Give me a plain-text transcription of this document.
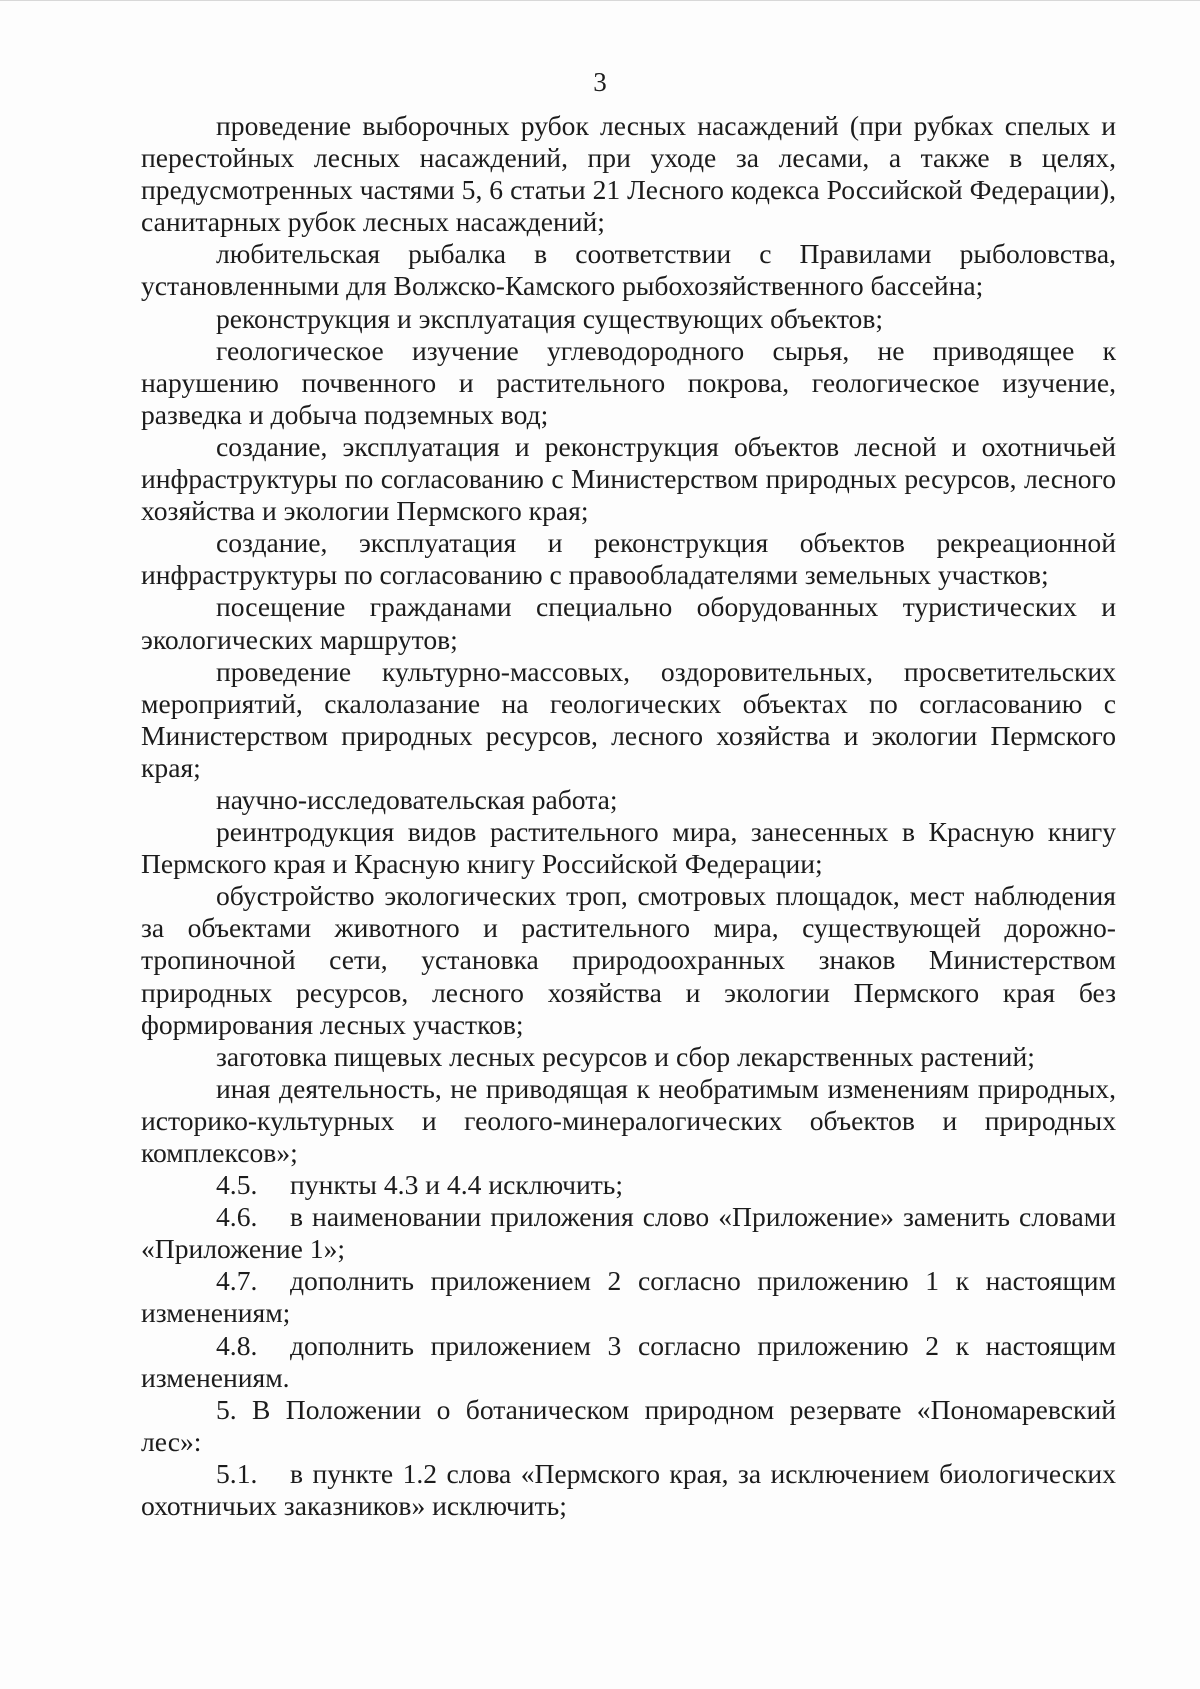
3

проведение выборочных рубок лесных насаждений (при рубках спелых и перестойных лесных насаждений, при уходе за лесами, а также в целях, предусмотренных частями 5, 6 статьи 21 Лесного кодекса Российской Федерации), санитарных рубок лесных насаждений;

любительская рыбалка в соответствии с Правилами рыболовства, установленными для Волжско-Камского рыбохозяйственного бассейна;

реконструкция и эксплуатация существующих объектов;

геологическое изучение углеводородного сырья, не приводящее к нарушению почвенного и растительного покрова, геологическое изучение, разведка и добыча подземных вод;

создание, эксплуатация и реконструкция объектов лесной и охотничьей инфраструктуры по согласованию с Министерством природных ресурсов, лесного хозяйства и экологии Пермского края;

создание, эксплуатация и реконструкция объектов рекреационной инфраструктуры по согласованию с правообладателями земельных участков;

посещение гражданами специально оборудованных туристических и экологических маршрутов;

проведение культурно-массовых, оздоровительных, просветительских мероприятий, скалолазание на геологических объектах по согласованию с Министерством природных ресурсов, лесного хозяйства и экологии Пермского края;

научно-исследовательская работа;

реинтродукция видов растительного мира, занесенных в Красную книгу Пермского края и Красную книгу Российской Федерации;

обустройство экологических троп, смотровых площадок, мест наблюдения за объектами животного и растительного мира, существующей дорожно-тропиночной сети, установка природоохранных знаков Министерством природных ресурсов, лесного хозяйства и экологии Пермского края без формирования лесных участков;

заготовка пищевых лесных ресурсов и сбор лекарственных растений;

иная деятельность, не приводящая к необратимым изменениям природных, историко-культурных и геолого-минералогических объектов и природных комплексов»;

4.5. пункты 4.3 и 4.4 исключить;

4.6. в наименовании приложения слово «Приложение» заменить словами «Приложение 1»;

4.7. дополнить приложением 2 согласно приложению 1 к настоящим изменениям;

4.8. дополнить приложением 3 согласно приложению 2 к настоящим изменениям.

5. В Положении о ботаническом природном резервате «Пономаревский лес»:

5.1. в пункте 1.2 слова «Пермского края, за исключением биологических охотничьих заказников» исключить;
